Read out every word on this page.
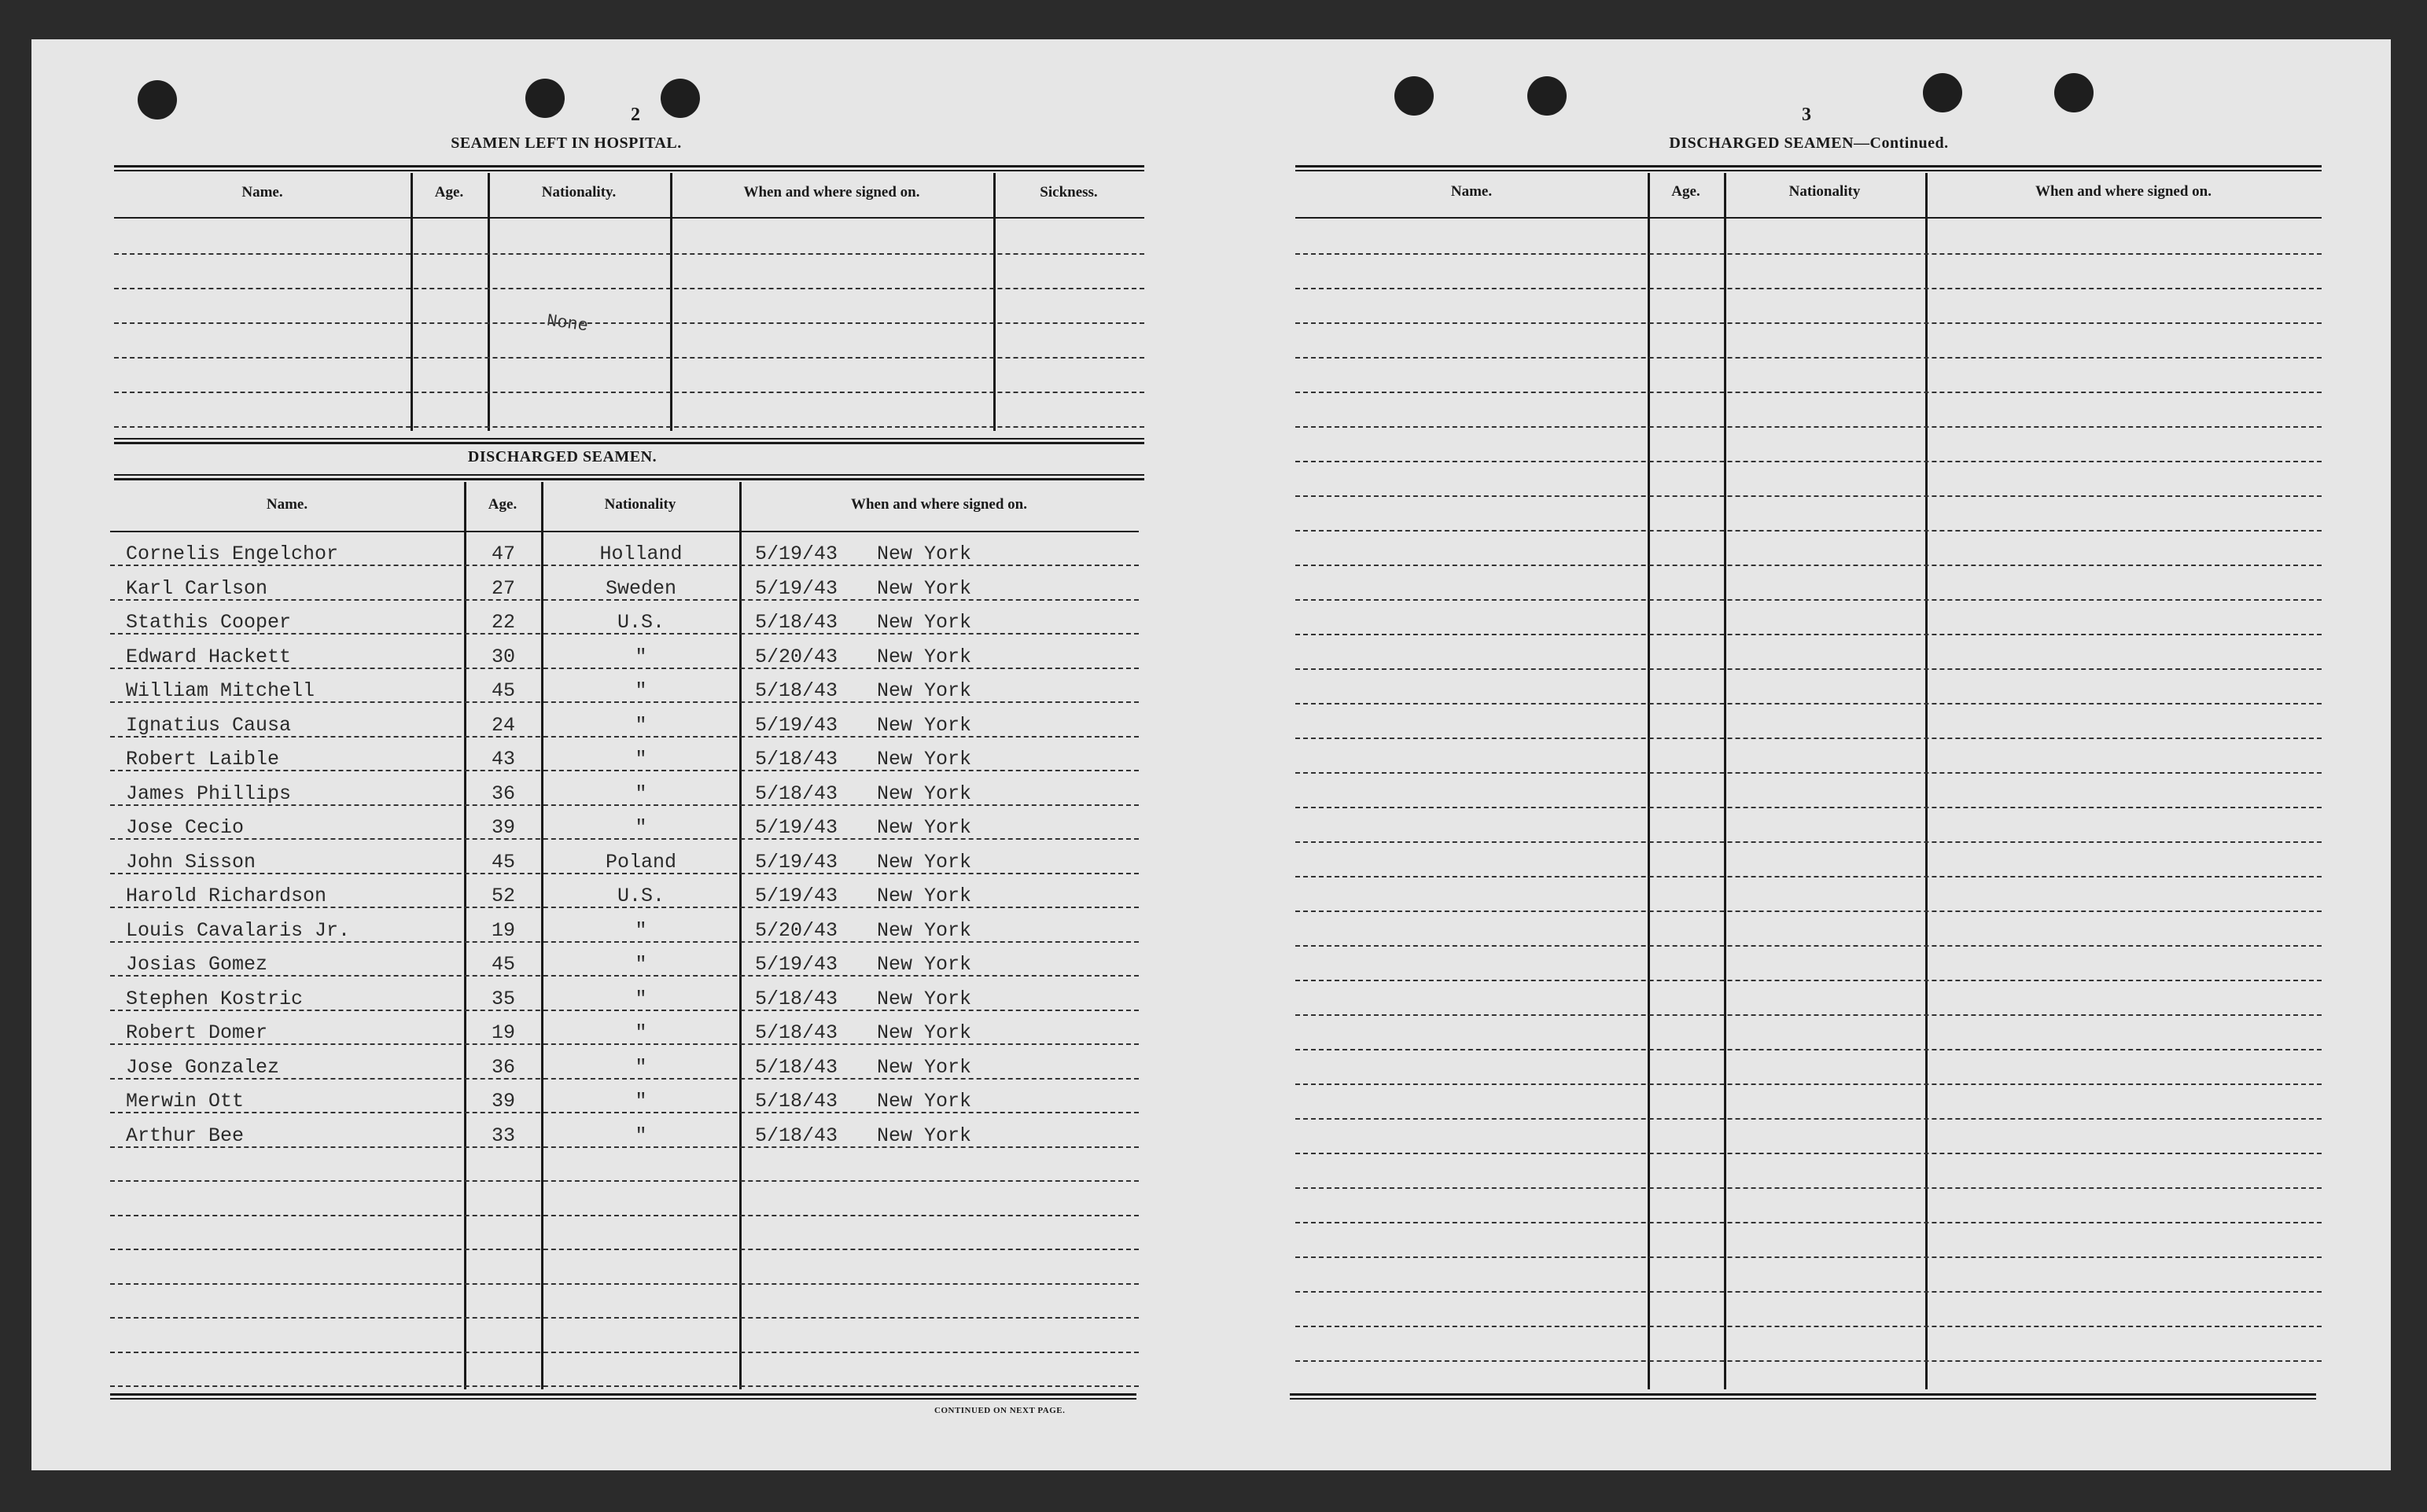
2
SEAMEN LEFT IN HOSPITAL.
Name.	Age.	Nationality.	When and where signed on.	Sickness.
None
DISCHARGED SEAMEN.
Name.	Age.	Nationality	When and where signed on.
Cornelis Engelchor	47	Holland	5/19/43 New York
Karl Carlson	27	Sweden	5/19/43 New York
Stathis Cooper	22	U.S.	5/18/43 New York
Edward Hackett	30	"	5/20/43 New York
William Mitchell	45	"	5/18/43 New York
Ignatius Causa	24	"	5/19/43 New York
Robert Laible	43	"	5/18/43 New York
James Phillips	36	"	5/18/43 New York
Jose Cecio	39	"	5/19/43 New York
John Sisson	45	Poland	5/19/43 New York
Harold Richardson	52	U.S.	5/19/43 New York
Louis Cavalaris Jr.	19	"	5/20/43 New York
Josias Gomez	45	"	5/19/43 New York
Stephen Kostric	35	"	5/18/43 New York
Robert Domer	19	"	5/18/43 New York
Jose Gonzalez	36	"	5/18/43 New York
Merwin Ott	39	"	5/18/43 New York
Arthur Bee	33	"	5/18/43 New York
CONTINUED ON NEXT PAGE.
3
DISCHARGED SEAMEN—Continued.
Name.	Age.	Nationality	When and where signed on.
